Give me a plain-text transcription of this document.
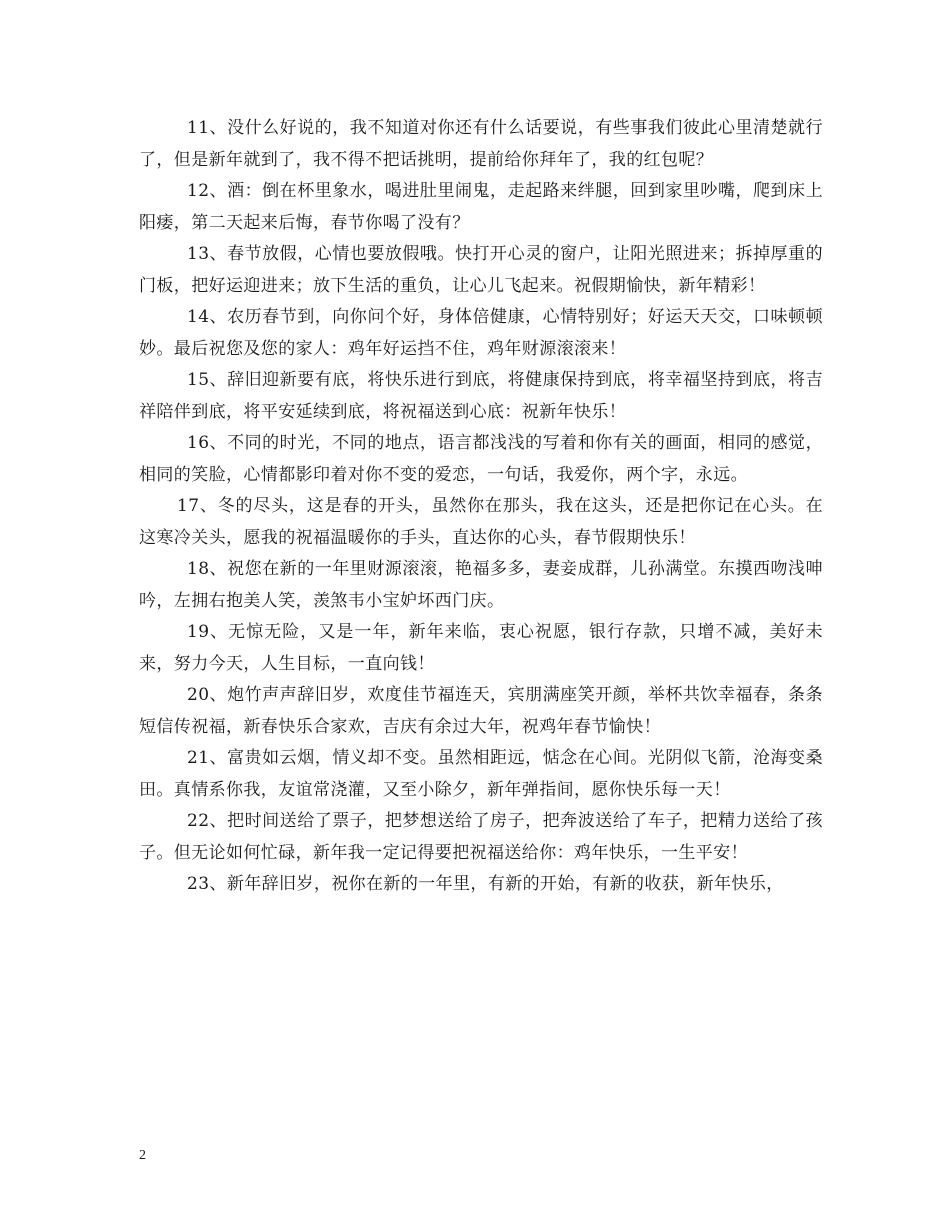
11、没什么好说的，我不知道对你还有什么话要说，有些事我们彼此心里清楚就行了，但是新年就到了，我不得不把话挑明，提前给你拜年了，我的红包呢？

12、酒：倒在杯里象水，喝进肚里闹鬼，走起路来绊腿，回到家里吵嘴，爬到床上阳痿，第二天起来后悔，春节你喝了没有？

13、春节放假，心情也要放假哦。快打开心灵的窗户，让阳光照进来；拆掉厚重的门板，把好运迎进来；放下生活的重负，让心儿飞起来。祝假期愉快，新年精彩！

14、农历春节到，向你问个好，身体倍健康，心情特别好；好运天天交，口味顿顿妙。最后祝您及您的家人：鸡年好运挡不住，鸡年财源滚滚来！

15、辞旧迎新要有底，将快乐进行到底，将健康保持到底，将幸福坚持到底，将吉祥陪伴到底，将平安延续到底，将祝福送到心底：祝新年快乐！

16、不同的时光，不同的地点，语言都浅浅的写着和你有关的画面，相同的感觉，相同的笑脸，心情都影印着对你不变的爱恋，一句话，我爱你，两个字，永远。

17、冬的尽头，这是春的开头，虽然你在那头，我在这头，还是把你记在心头。在这寒冷关头，愿我的祝福温暖你的手头，直达你的心头，春节假期快乐！

18、祝您在新的一年里财源滚滚，艳福多多，妻妾成群，儿孙满堂。东摸西吻浅呻吟，左拥右抱美人笑，羡煞韦小宝妒坏西门庆。

19、无惊无险，又是一年，新年来临，衷心祝愿，银行存款，只增不减，美好未来，努力今天，人生目标，一直向钱！

20、炮竹声声辞旧岁，欢度佳节福连天，宾朋满座笑开颜，举杯共饮幸福春，条条短信传祝福，新春快乐合家欢，吉庆有余过大年，祝鸡年春节愉快！

21、富贵如云烟，情义却不变。虽然相距远，惦念在心间。光阴似飞箭，沧海变桑田。真情系你我，友谊常浇灌，又至小除夕，新年弹指间，愿你快乐每一天！

22、把时间送给了票子，把梦想送给了房子，把奔波送给了车子，把精力送给了孩子。但无论如何忙碌，新年我一定记得要把祝福送给你：鸡年快乐，一生平安！

23、新年辞旧岁，祝你在新的一年里，有新的开始，有新的收获，新年快乐，

2
